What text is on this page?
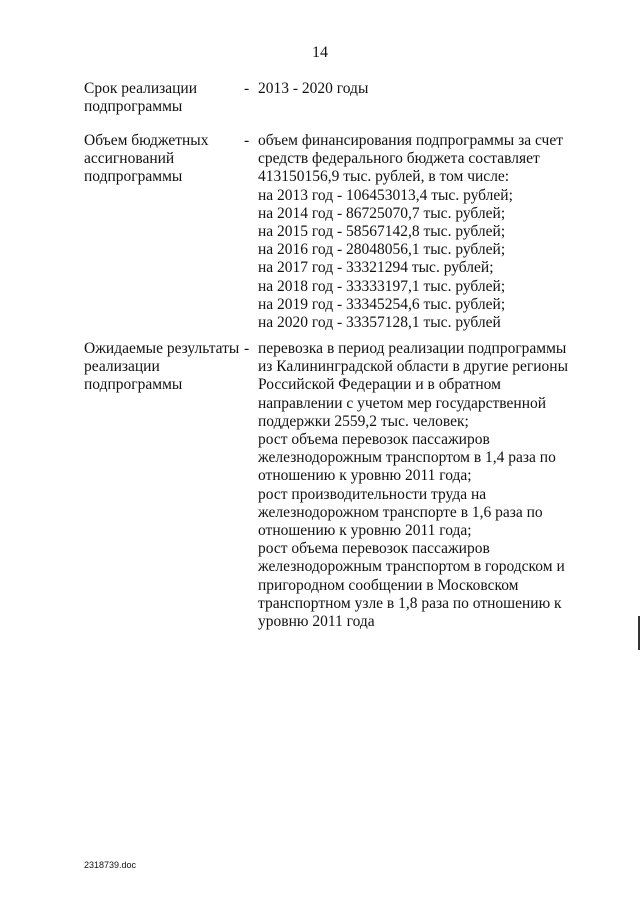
14
Срок реализации
подпрограммы
- 2013 - 2020 годы
Объем бюджетных
ассигнований
подпрограммы
- объем финансирования подпрограммы за счет
средств федерального бюджета составляет
413150156,9 тыс. рублей, в том числе:
на 2013 год - 106453013,4 тыс. рублей;
на 2014 год - 86725070,7 тыс. рублей;
на 2015 год - 58567142,8 тыс. рублей;
на 2016 год - 28048056,1 тыс. рублей;
на 2017 год - 33321294 тыс. рублей;
на 2018 год - 33333197,1 тыс. рублей;
на 2019 год - 33345254,6 тыс. рублей;
на 2020 год - 33357128,1 тыс. рублей
Ожидаемые результаты
реализации
подпрограммы
- перевозка в период реализации подпрограммы
из Калининградской области в другие регионы
Российской Федерации и в обратном
направлении с учетом мер государственной
поддержки 2559,2 тыс. человек;
рост объема перевозок пассажиров
железнодорожным транспортом в 1,4 раза по
отношению к уровню 2011 года;
рост производительности труда на
железнодорожном транспорте в 1,6 раза по
отношению к уровню 2011 года;
рост объема перевозок пассажиров
железнодорожным транспортом в городском и
пригородном сообщении в Московском
транспортном узле в 1,8 раза по отношению к
уровню 2011 года
2318739.doc
